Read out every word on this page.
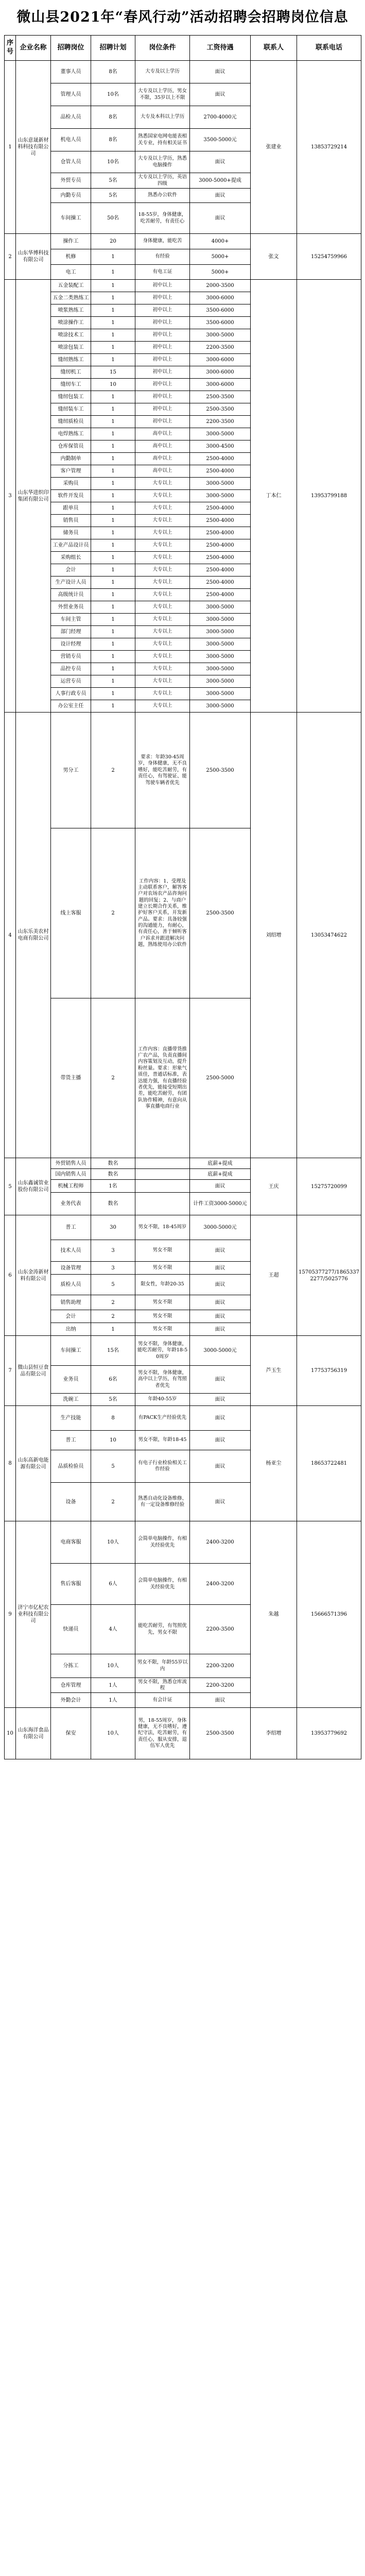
微山县2021年“春风行动”活动招聘会招聘岗位信息
序号	企业名称	招聘岗位	招聘计划	岗位条件	工资待遇	联系人	联系电话
1	山东意晟新材料科技有限公司	董事人员	8名	大专及以上学历	面议	张建业	13853729214
		管理人员	10名	大专及以上学历，男女不限，35岁以上不限	面议		
		品检人员	8名	大专及本科以上学历	2700-4000元		
		机电人员	8名	熟悉国家电网电能表相关专业，持有相关证书	3500-5000元		
		仓管人员	10名	大专及以上学历，熟悉电脑操作	面议		
		外贸专员	5名	大专及以上学历，英语四级	3000-5000+提成		
		内勤专员	5名	熟悉办公软件	面议		
		车间操工	50名	18-55岁，身体健康，吃苦耐劳，有责任心	面议		
2	山东华博科技有限公司	操作工	20	身体健康，能吃苦	4000+	张文	15254759966
		机修	1	有经验	5000+		
		电工	1	有电工证	5000+		
3	山东华进织印集团有限公司	五金装配工	1	初中以上	2000-3500	丁本仁	13953799188
		五金二类熟练工	1	初中以上	3000-6000		
		喷浆熟练工	1	初中以上	3500-6000		
		喷涂操作工	1	初中以上	3500-6000		
		喷涂技术工	1	初中以上	3000-5000		
		喷涂包装工	1	初中以上	2200-3500		
		缝纫熟练工	1	初中以上	3000-6000		
		缝纫机工	15	初中以上	3000-6000		
		缝纫车工	10	初中以上	3000-6000		
		缝纫包装工	1	初中以上	2500-3500		
		缝纫装车工	1	初中以上	2500-3500		
		缝纫质检员	1	初中以上	2200-3500		
		电焊熟练工	1	高中以上	3000-5000		
		仓库保管员	1	高中以上	3000-4500		
		内勤制单	1	高中以上	2500-4000		
		客户管理	1	高中以上	2500-4000		
		采购员	1	大专以上	3000-5000		
		软件开发员	1	大专以上	3000-5000		
		跟单员	1	大专以上	2500-4000		
		销售员	1	大专以上	2500-4000		
		储务员	1	大专以上	2500-4000		
		工业产品设计员	1	大专以上	2500-4000		
		采购组长	1	大专以上	2500-4000		
		会计	1	大专以上	2500-4000		
		生产设计人员	1	大专以上	2500-4000		
		高级统计员	1	大专以上	2500-4000		
		外贸业务员	1	大专以上	3000-5000		
		车间主管	1	大专以上	3000-5000		
		部门经理	1	大专以上	3000-5000		
		设计经理	1	大专以上	3000-5000		
		营销专员	1	大专以上	3000-5000		
		品控专员	1	大专以上	3000-5000		
		运营专员	1	大专以上	3000-5000		
		人事行政专员	1	大专以上	3000-5000		
		办公室主任	1	大专以上	3000-5000		
4	山东乐美农村电商有限公司	男分工	2	要求：年龄30-45周岁，身体健康，无不良嗜好，能吃苦耐劳，有责任心，有驾驶证、能驾驶车辆者优先	2500-3500	刘绍增	13053474622
		线上客服	2	工作内容：1、受理及主动联系客户，解答客户对农场农产品咨询问题的回复；2、与商户建立长期合作关系，维护好客户关系，开发新产品。要求：具备较强的沟通能力，有耐心，有责任心，善于倾听客户诉求并跟进解决问题，熟练使用办公软件	2500-3500		
		带货主播	2	工作内容：直播带货推广农产品，负责直播间内容策划及互动，提升粉丝量。要求：形象气质佳，普通话标准，表达能力强，有直播经验者优先，能接受短期出差，能吃苦耐劳，有团队协作精神，有意向从事直播电商行业	2500-5000		
5	山东鑫诚管业股份有限公司	外贸销售人员	数名		底薪+提成	王庆	15275720099
		国内销售人员	数名		底薪+提成		
		机械工程师	1名		面议		
		业务代表	数名		计件工资3000-5000元		
6	山东金涛新材料有限公司	普工	30	男女不限，18-45周岁	3000-5000元	王超	15705377277/18653372277/5025776
		技术人员	3	男女不限	面议		
		设备管理	3	男女不限	面议		
		质检人员	5	限女性，年龄20-35	面议		
		销售助理	2	男女不限	面议		
		会计	2	男女不限	面议		
		出纳	1	男女不限	面议		
7	微山县恒豆食品有限公司	车间操工	15名	男女不限，身体健康，能吃苦耐劳，年龄18-50周岁	3000-5000元	芦玉生	17753756319
		业务员	6名	男女不限，身体健康，高中以上学历，有驾照者优先	面议		
		洗碗工	5名	年龄40-55岁	面议		
8	山东高新电能源有限公司	生产技能	8	有PACK生产经验优先	面议	杨亚尘	18653722481
		普工	10	男女不限，年龄18-45	面议		
		品质检验员	5	有电子行业检验相关工作经验	面议		
		设备	2	熟悉自动化设备维修、有一定设备维修经验	面议		
9	济宁市亿杞农业科技有限公司	电商客服	10人	会简单电脑操作，有相关经验优先	2400-3200	朱越	15666571396
		售后客服	6人	会简单电脑操作，有相关经验优先	2400-3200		
		快递员	4人	能吃苦耐劳，有驾照优先，男女不限	2200-3500		
		分拣工	10人	男女不限，年龄55岁以内	2200-3200		
		仓库管理	1人	男女不限，熟悉仓库流程	2200-3200		
		外勤会计	1人	有会计证	面议		
10	山东海洋食品有限公司	保安	10人	男，18-55周岁，身体健康，无不良嗜好，遵纪守法，吃苦耐劳，有责任心，服从安排，退伍军人优先	2500-3500	李绍增	13953779692
